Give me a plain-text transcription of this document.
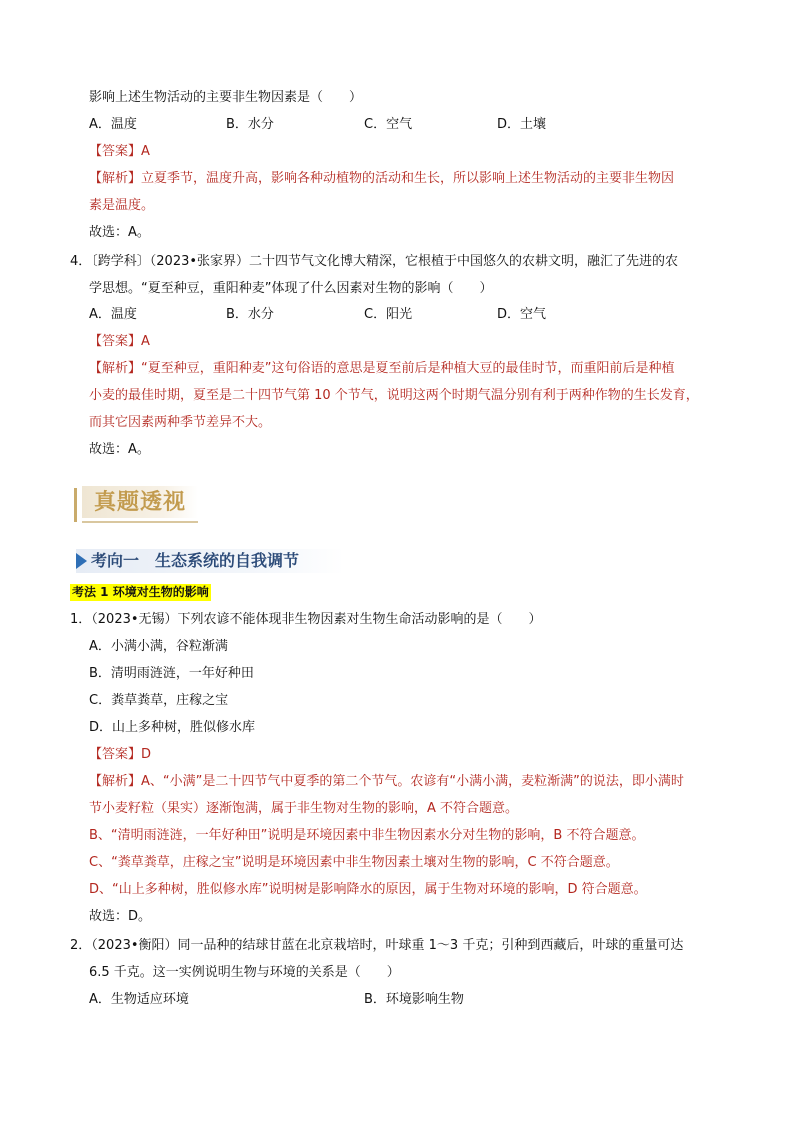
影响上述生物活动的主要非生物因素是（　　）
A．温度	B．水分	C．空气	D．土壤
【答案】A
【解析】立夏季节，温度升高，影响各种动植物的活动和生长，所以影响上述生物活动的主要非生物因
素是温度。
故选：A。
4．〔跨学科〕（2023•张家界）二十四节气文化博大精深，它根植于中国悠久的农耕文明，融汇了先进的农
学思想。“夏至种豆，重阳种麦”体现了什么因素对生物的影响（　　）
A．温度	B．水分	C．阳光	D．空气
【答案】A
【解析】“夏至种豆，重阳种麦”这句俗语的意思是夏至前后是种植大豆的最佳时节，而重阳前后是种植
小麦的最佳时期，夏至是二十四节气第 10 个节气，说明这两个时期气温分别有利于两种作物的生长发育，
而其它因素两种季节差异不大。
故选：A。
真题透视
考向一　生态系统的自我调节
考法 1 环境对生物的影响
1．（2023•无锡）下列农谚不能体现非生物因素对生物生命活动影响的是（　　）
A．小满小满，谷粒渐满
B．清明雨涟涟，一年好种田
C．粪草粪草，庄稼之宝
D．山上多种树，胜似修水库
【答案】D
【解析】A、“小满”是二十四节气中夏季的第二个节气。农谚有“小满小满，麦粒渐满”的说法，即小满时
节小麦籽粒（果实）逐渐饱满，属于非生物对生物的影响，A 不符合题意。
B、“清明雨涟涟，一年好种田”说明是环境因素中非生物因素水分对生物的影响，B 不符合题意。
C、“粪草粪草，庄稼之宝”说明是环境因素中非生物因素土壤对生物的影响，C 不符合题意。
D、“山上多种树，胜似修水库”说明树是影响降水的原因，属于生物对环境的影响，D 符合题意。
故选：D。
2．（2023•衡阳）同一品种的结球甘蓝在北京栽培时，叶球重 1～3 千克；引种到西藏后，叶球的重量可达
6.5 千克。这一实例说明生物与环境的关系是（　　）
A．生物适应环境	B．环境影响生物
